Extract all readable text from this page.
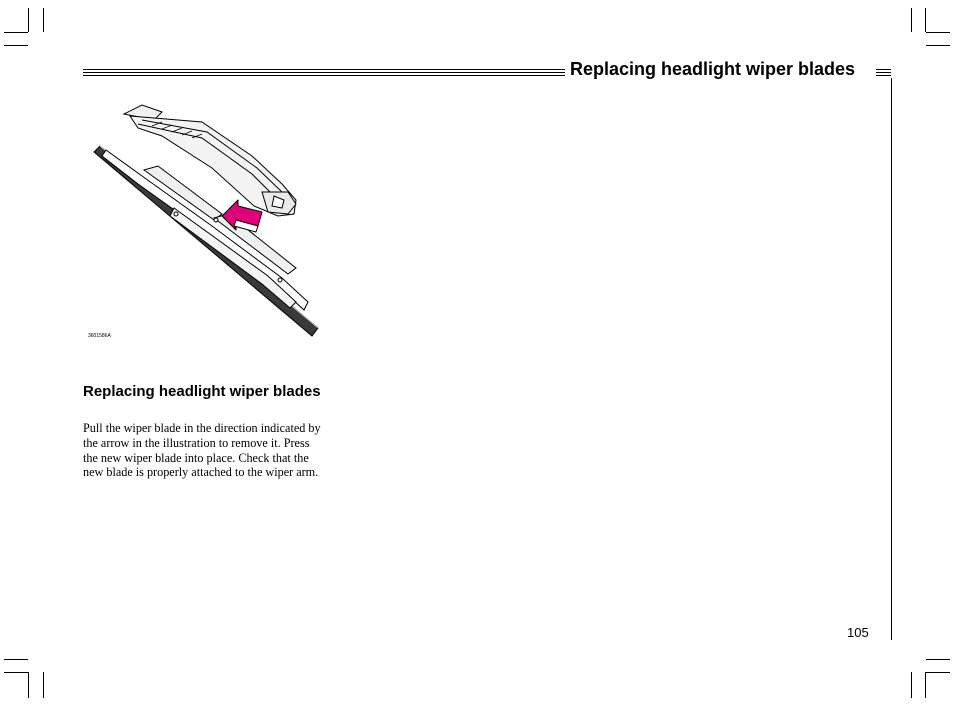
Replacing headlight wiper blades
3601586A
Replacing headlight wiper blades
Pull the wiper blade in the direction indicated by the arrow in the illustration to remove it. Press the new wiper blade into place. Check that the new blade is properly attached to the wiper arm.
105
